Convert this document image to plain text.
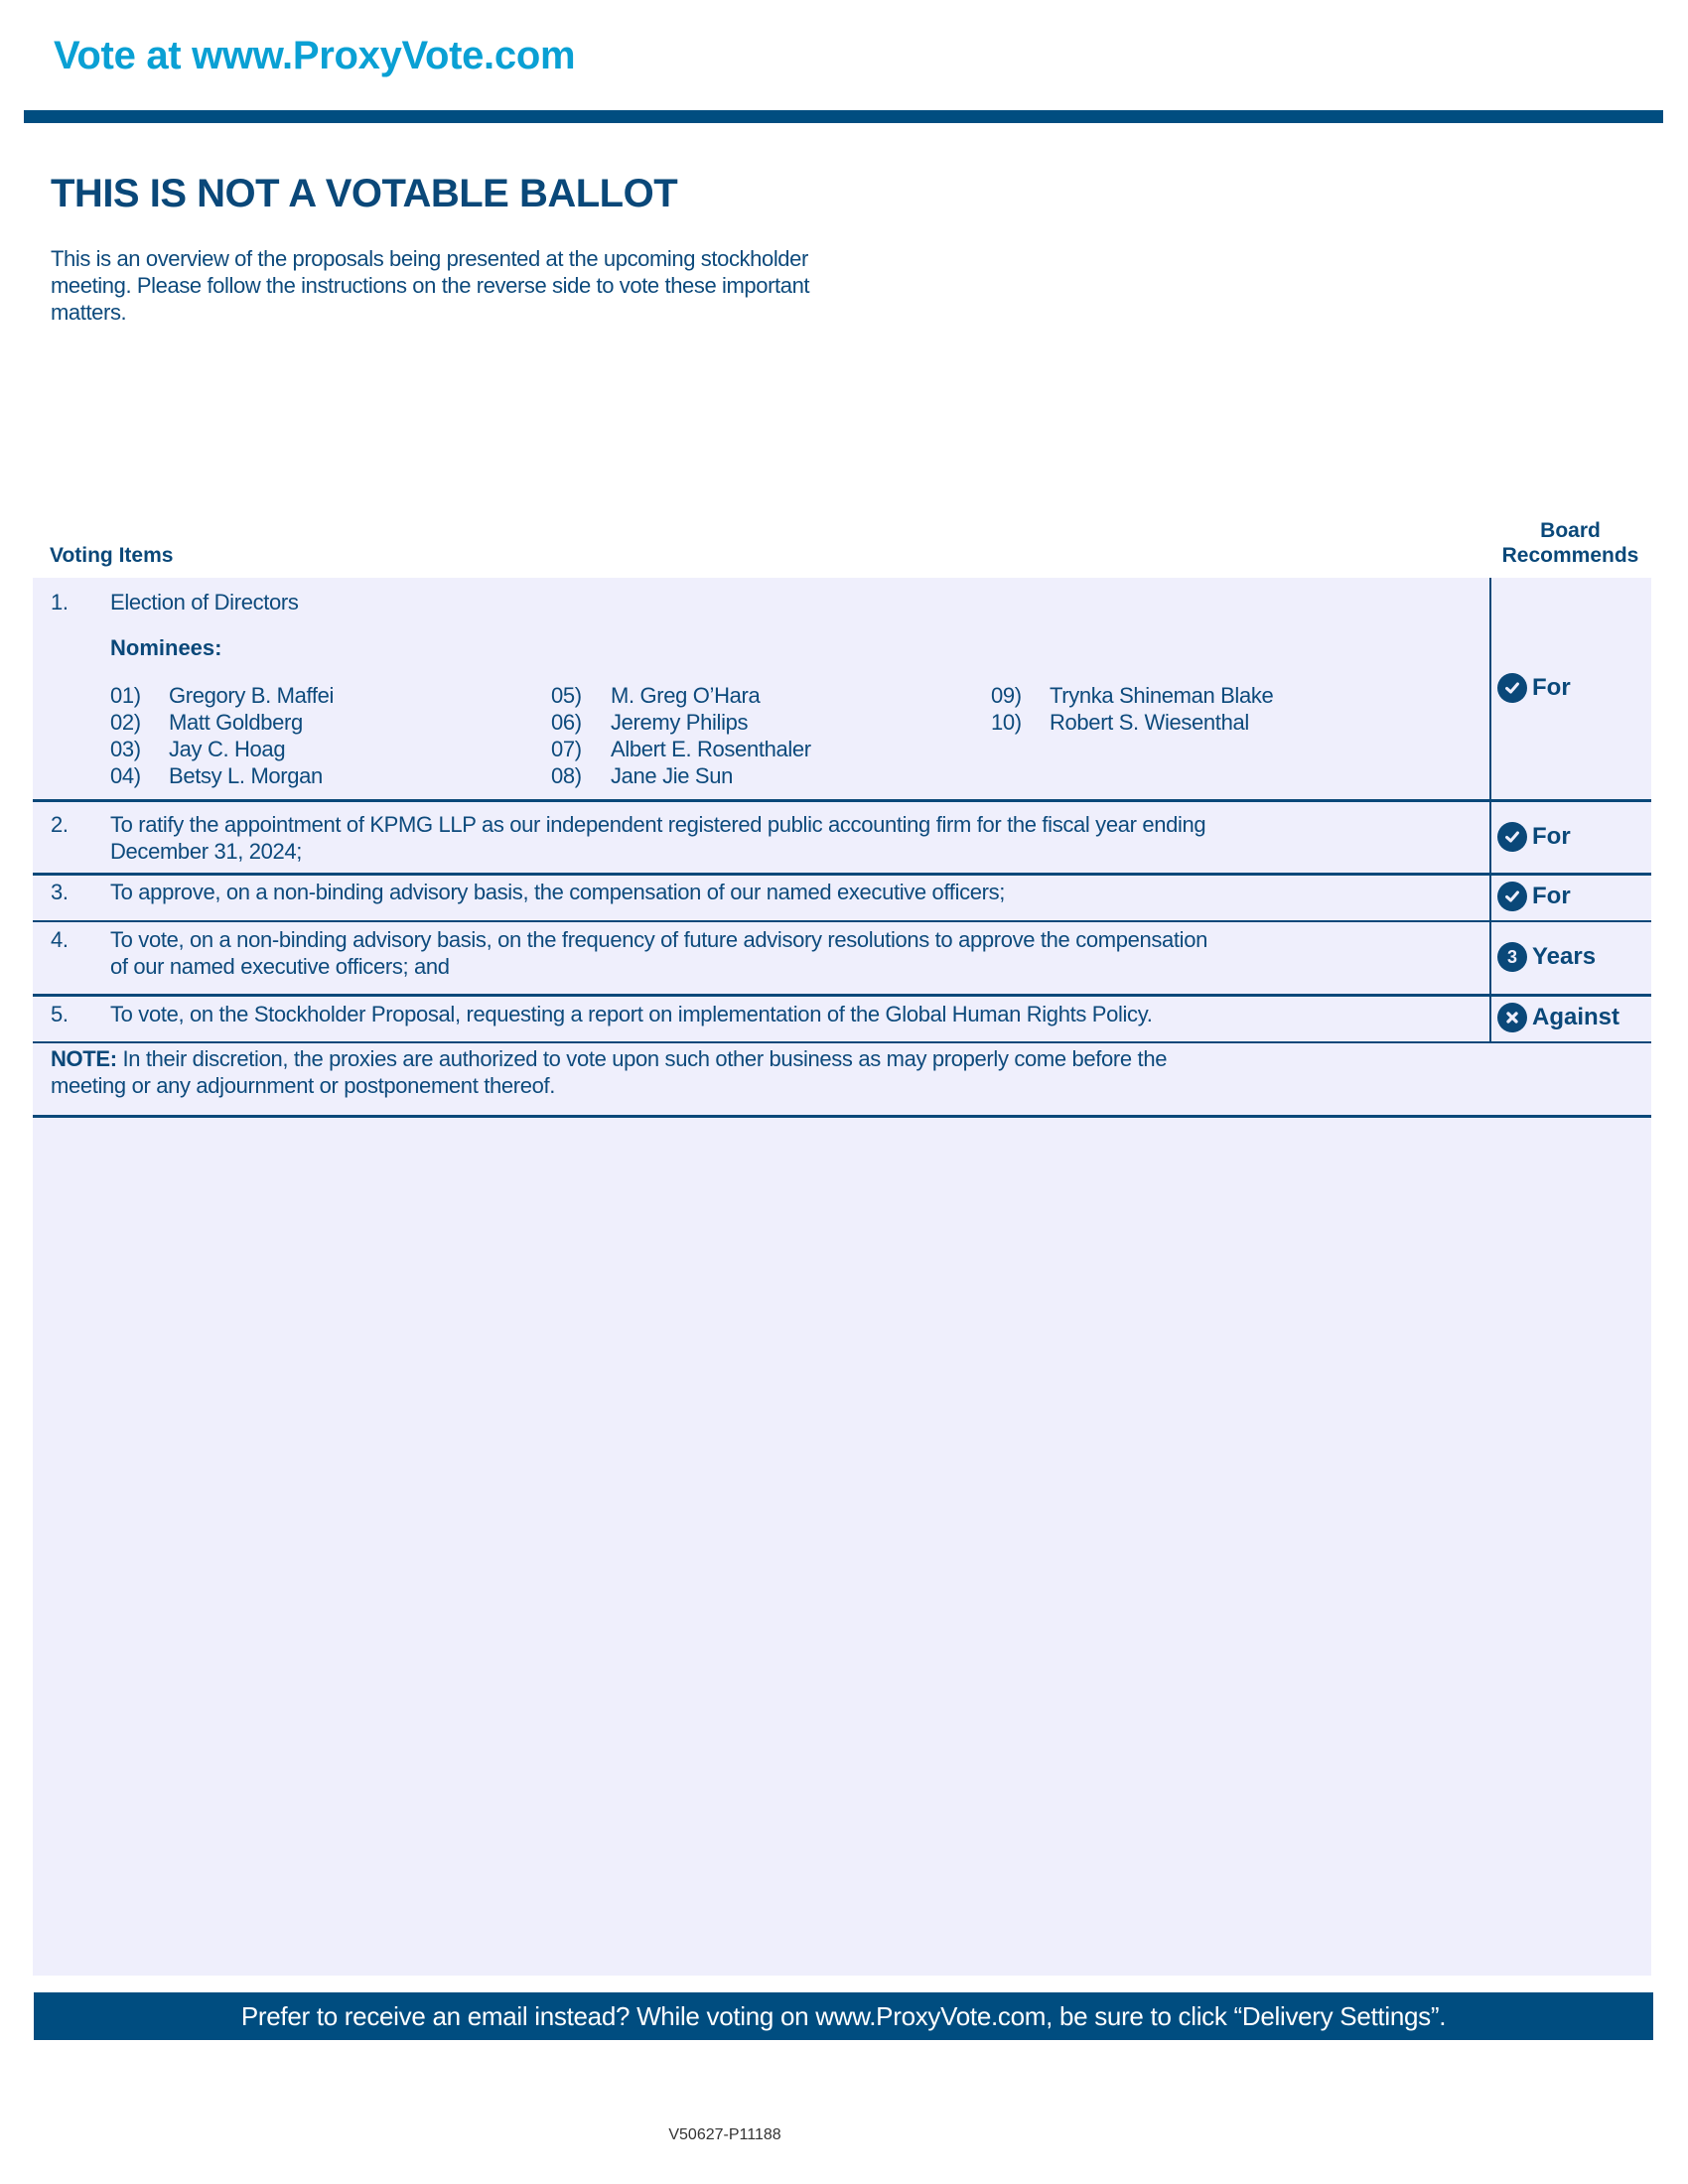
Vote at www.ProxyVote.com
THIS IS NOT A VOTABLE BALLOT
This is an overview of the proposals being presented at the upcoming stockholder meeting. Please follow the instructions on the reverse side to vote these important matters.
Voting Items
Board
Recommends
1. Election of Directors
Nominees:
01)	Gregory B. Maffei
02)	Matt Goldberg
03)	Jay C. Hoag
04)	Betsy L. Morgan
05)	M. Greg O’Hara
06)	Jeremy Philips
07)	Albert E. Rosenthaler
08)	Jane Jie Sun
09)	Trynka Shineman Blake
10)	Robert S. Wiesenthal
For
2. To ratify the appointment of KPMG LLP as our independent registered public accounting firm for the fiscal year ending
December 31, 2024;
For
3. To approve, on a non-binding advisory basis, the compensation of our named executive officers;	For
4. To vote, on a non-binding advisory basis, on the frequency of future advisory resolutions to approve the compensation
of our named executive officers; and	3 Years
5. To vote, on the Stockholder Proposal, requesting a report on implementation of the Global Human Rights Policy.	Against
NOTE: In their discretion, the proxies are authorized to vote upon such other business as may properly come before the
meeting or any adjournment or postponement thereof.
Prefer to receive an email instead? While voting on www.ProxyVote.com, be sure to click “Delivery Settings”.
V50627-P11188
